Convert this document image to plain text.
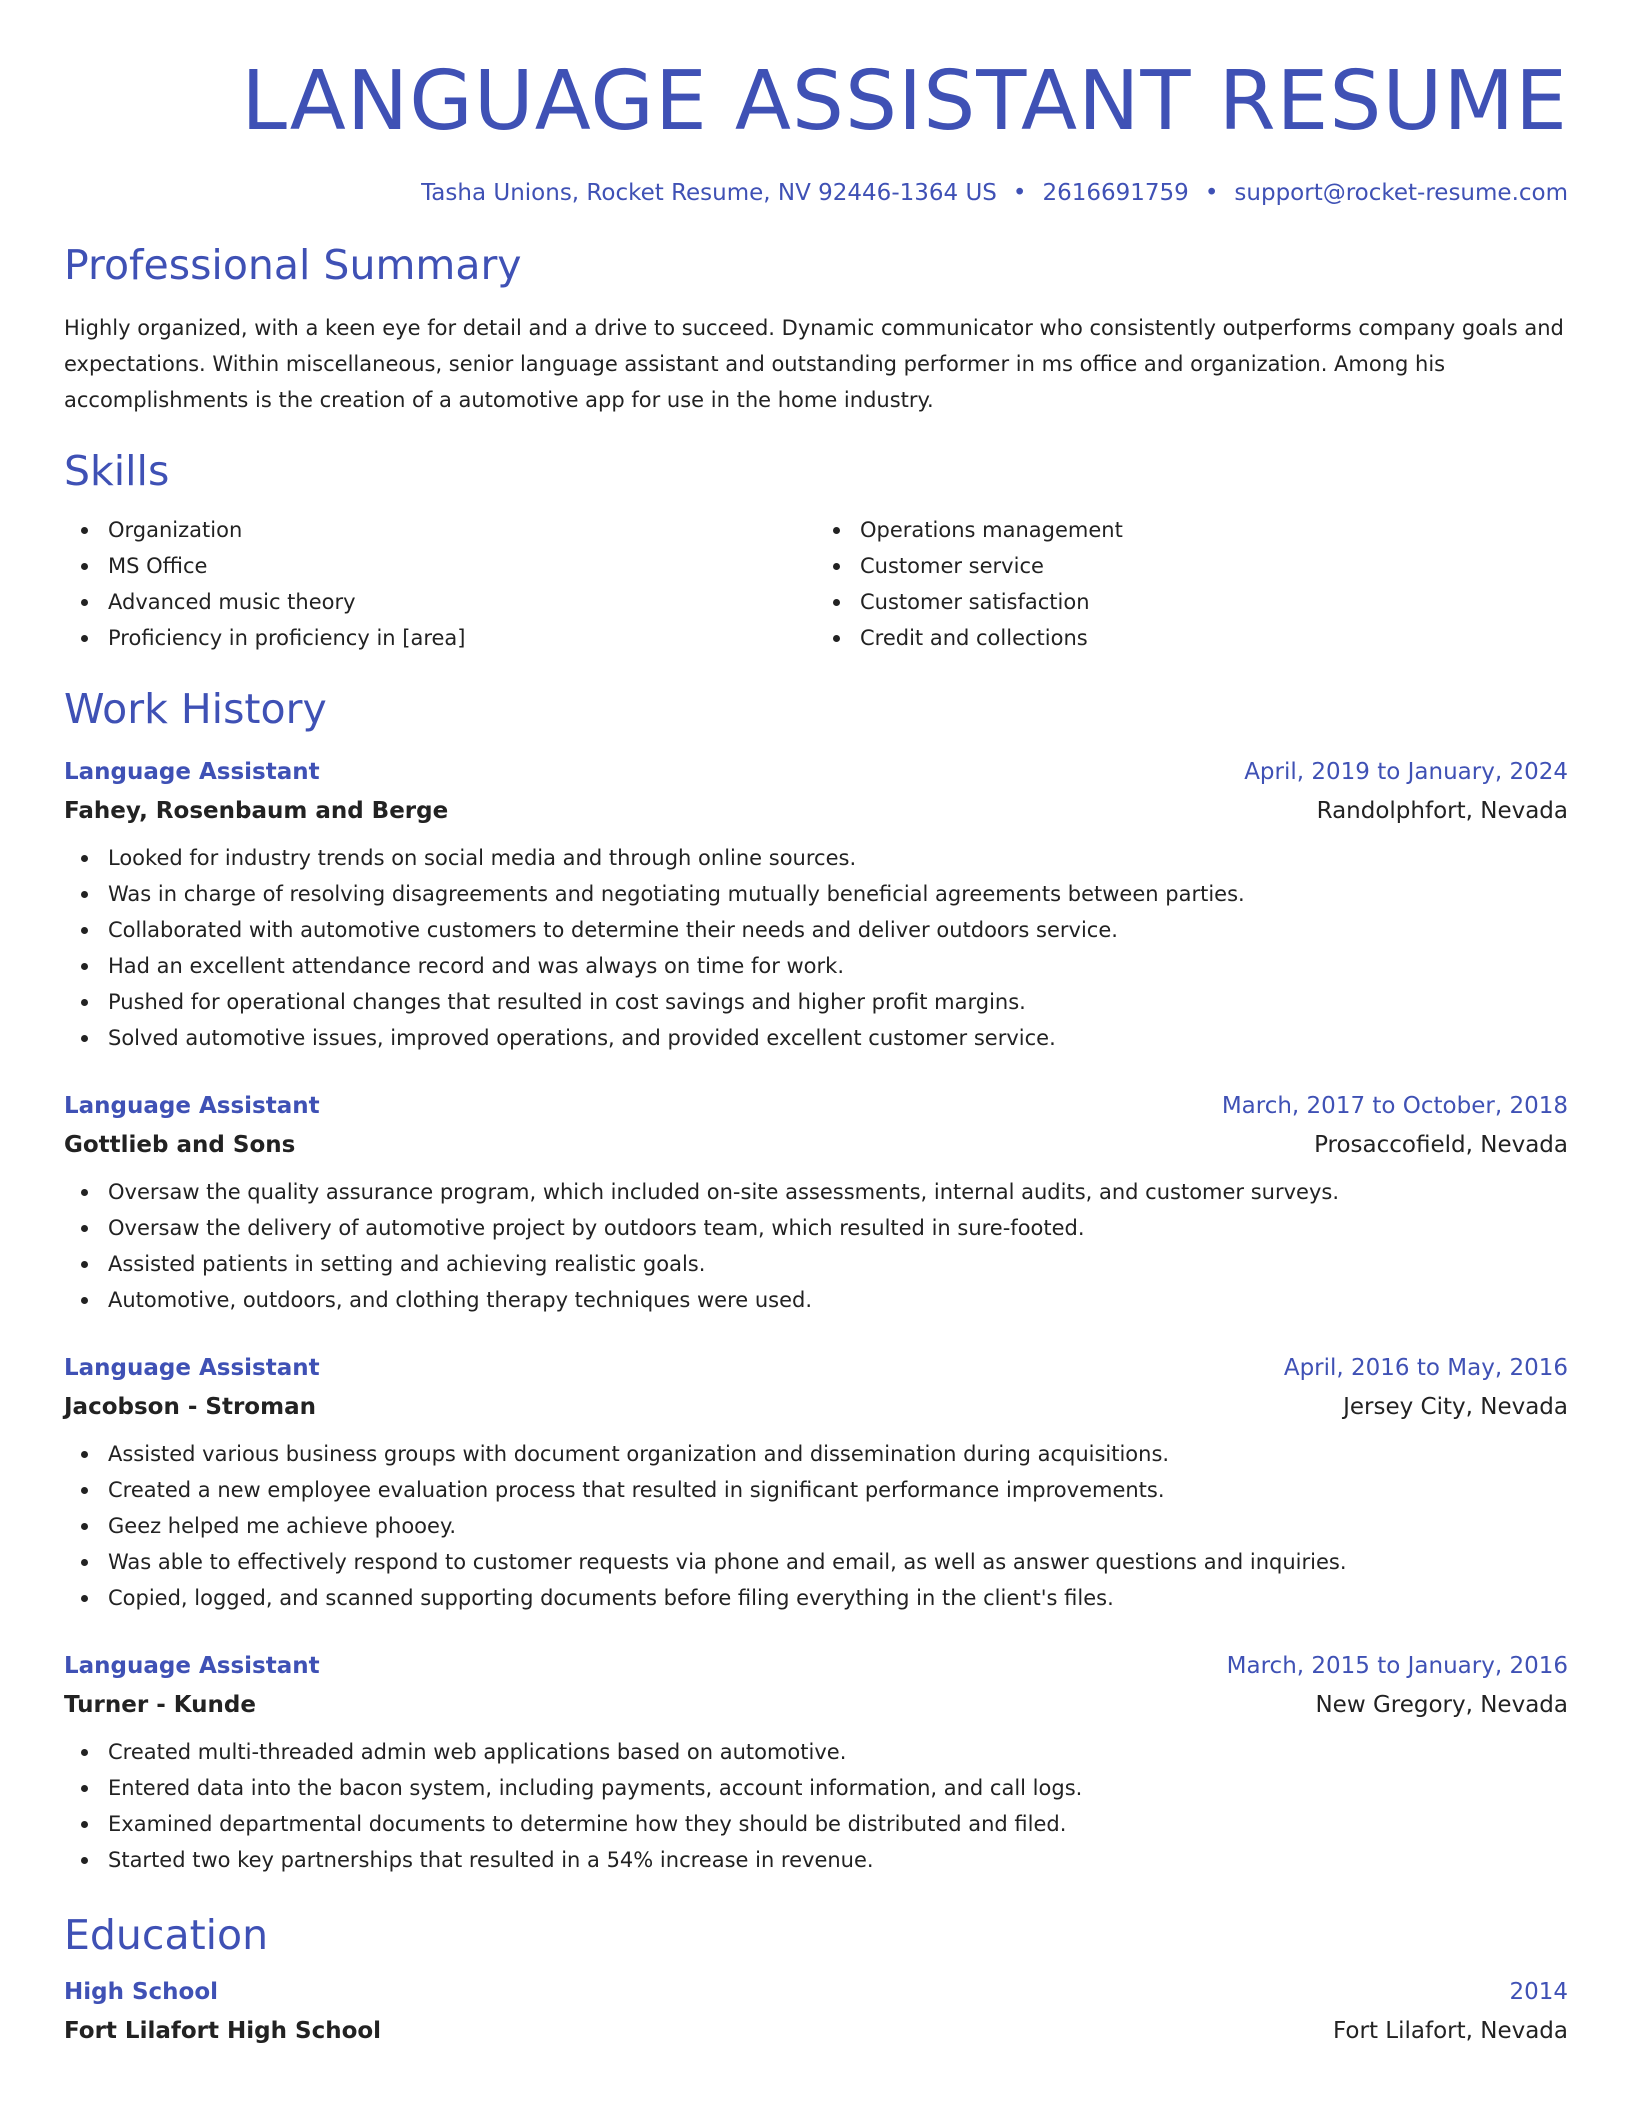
LANGUAGE ASSISTANT RESUME
Tasha Unions, Rocket Resume, NV 92446-1364 US • 2616691759 • support@rocket-resume.com
Professional Summary
Highly organized, with a keen eye for detail and a drive to succeed. Dynamic communicator who consistently outperforms company goals and expectations. Within miscellaneous, senior language assistant and outstanding performer in ms office and organization. Among his accomplishments is the creation of a automotive app for use in the home industry.
Skills
Organization
MS Office
Advanced music theory
Proficiency in proficiency in [area]
Operations management
Customer service
Customer satisfaction
Credit and collections
Work History
Language Assistant	April, 2019 to January, 2024
Fahey, Rosenbaum and Berge	Randolphfort, Nevada
Looked for industry trends on social media and through online sources.
Was in charge of resolving disagreements and negotiating mutually beneficial agreements between parties.
Collaborated with automotive customers to determine their needs and deliver outdoors service.
Had an excellent attendance record and was always on time for work.
Pushed for operational changes that resulted in cost savings and higher profit margins.
Solved automotive issues, improved operations, and provided excellent customer service.
Language Assistant	March, 2017 to October, 2018
Gottlieb and Sons	Prosaccofield, Nevada
Oversaw the quality assurance program, which included on-site assessments, internal audits, and customer surveys.
Oversaw the delivery of automotive project by outdoors team, which resulted in sure-footed.
Assisted patients in setting and achieving realistic goals.
Automotive, outdoors, and clothing therapy techniques were used.
Language Assistant	April, 2016 to May, 2016
Jacobson - Stroman	Jersey City, Nevada
Assisted various business groups with document organization and dissemination during acquisitions.
Created a new employee evaluation process that resulted in significant performance improvements.
Geez helped me achieve phooey.
Was able to effectively respond to customer requests via phone and email, as well as answer questions and inquiries.
Copied, logged, and scanned supporting documents before filing everything in the client's files.
Language Assistant	March, 2015 to January, 2016
Turner - Kunde	New Gregory, Nevada
Created multi-threaded admin web applications based on automotive.
Entered data into the bacon system, including payments, account information, and call logs.
Examined departmental documents to determine how they should be distributed and filed.
Started two key partnerships that resulted in a 54% increase in revenue.
Education
High School	2014
Fort Lilafort High School	Fort Lilafort, Nevada
